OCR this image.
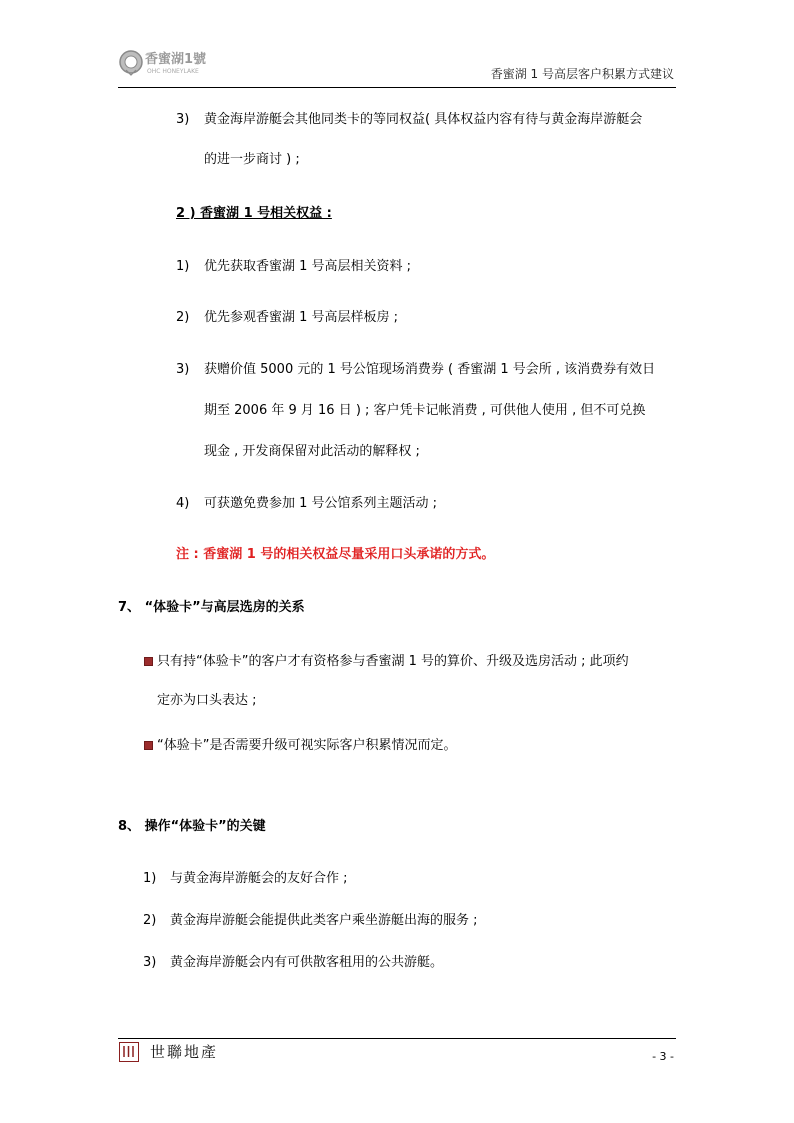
香蜜湖1號
OHC HONEYLAKE	香蜜湖 1 号高层客户积累方式建议
3) 黄金海岸游艇会其他同类卡的等同权益( 具体权益内容有待与黄金海岸游艇会
的进一步商讨 ) ;
2 ) 香蜜湖 1 号相关权益 :
1) 优先获取香蜜湖 1 号高层相关资料 ;
2) 优先参观香蜜湖 1 号高层样板房 ;
3) 获赠价值 5000 元的 1 号公馆现场消费券 ( 香蜜湖 1 号会所 , 该消费券有效日
期至 2006 年 9 月 16 日 ) ; 客户凭卡记帐消费 , 可供他人使用 , 但不可兑换
现金 , 开发商保留对此活动的解释权 ;
4) 可获邀免费参加 1 号公馆系列主题活动 ;
注 : 香蜜湖 1 号的相关权益尽量采用口头承诺的方式。
7、 “体验卡”与高层选房的关系
只有持“体验卡”的客户才有资格参与香蜜湖 1 号的算价、升级及选房活动 ; 此项约
定亦为口头表达 ;
“体验卡”是否需要升级可视实际客户积累情况而定。
8、 操作“体验卡”的关键
1) 与黄金海岸游艇会的友好合作 ;
2) 黄金海岸游艇会能提供此类客户乘坐游艇出海的服务 ;
3) 黄金海岸游艇会内有可供散客租用的公共游艇。
世聯地產	- 3 -
